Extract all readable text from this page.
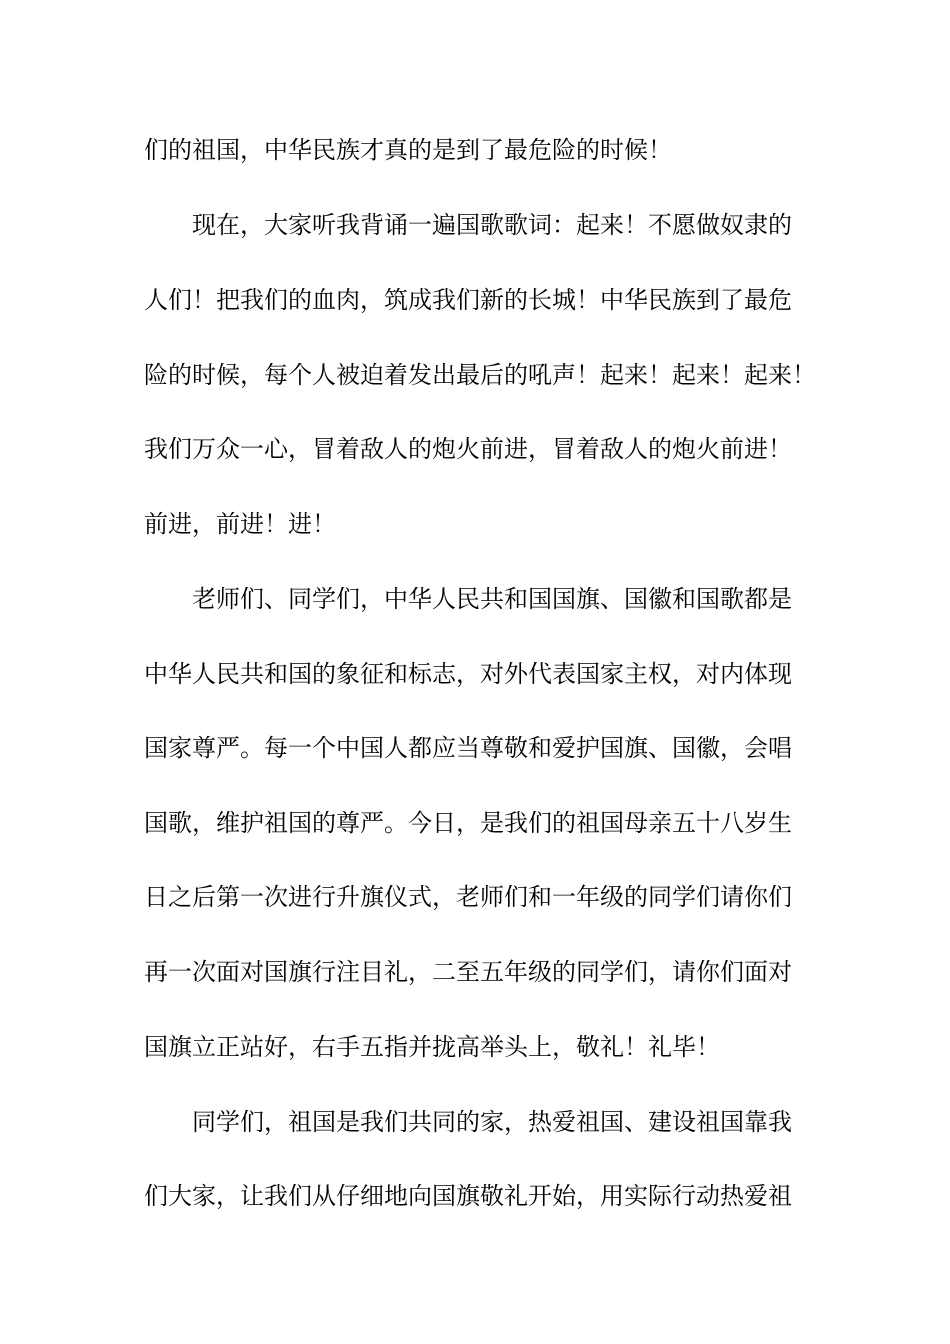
们的祖国，中华民族才真的是到了最危险的时候！
现在，大家听我背诵一遍国歌歌词：起来！不愿做奴隶的
人们！把我们的血肉，筑成我们新的长城！中华民族到了最危
险的时候，每个人被迫着发出最后的吼声！起来！起来！起来！
我们万众一心，冒着敌人的炮火前进，冒着敌人的炮火前进！
前进，前进！进！
老师们、同学们，中华人民共和国国旗、国徽和国歌都是
中华人民共和国的象征和标志，对外代表国家主权，对内体现
国家尊严。每一个中国人都应当尊敬和爱护国旗、国徽，会唱
国歌，维护祖国的尊严。今日，是我们的祖国母亲五十八岁生
日之后第一次进行升旗仪式，老师们和一年级的同学们请你们
再一次面对国旗行注目礼，二至五年级的同学们，请你们面对
国旗立正站好，右手五指并拢高举头上，敬礼！礼毕！
同学们，祖国是我们共同的家，热爱祖国、建设祖国靠我
们大家，让我们从仔细地向国旗敬礼开始，用实际行动热爱祖
